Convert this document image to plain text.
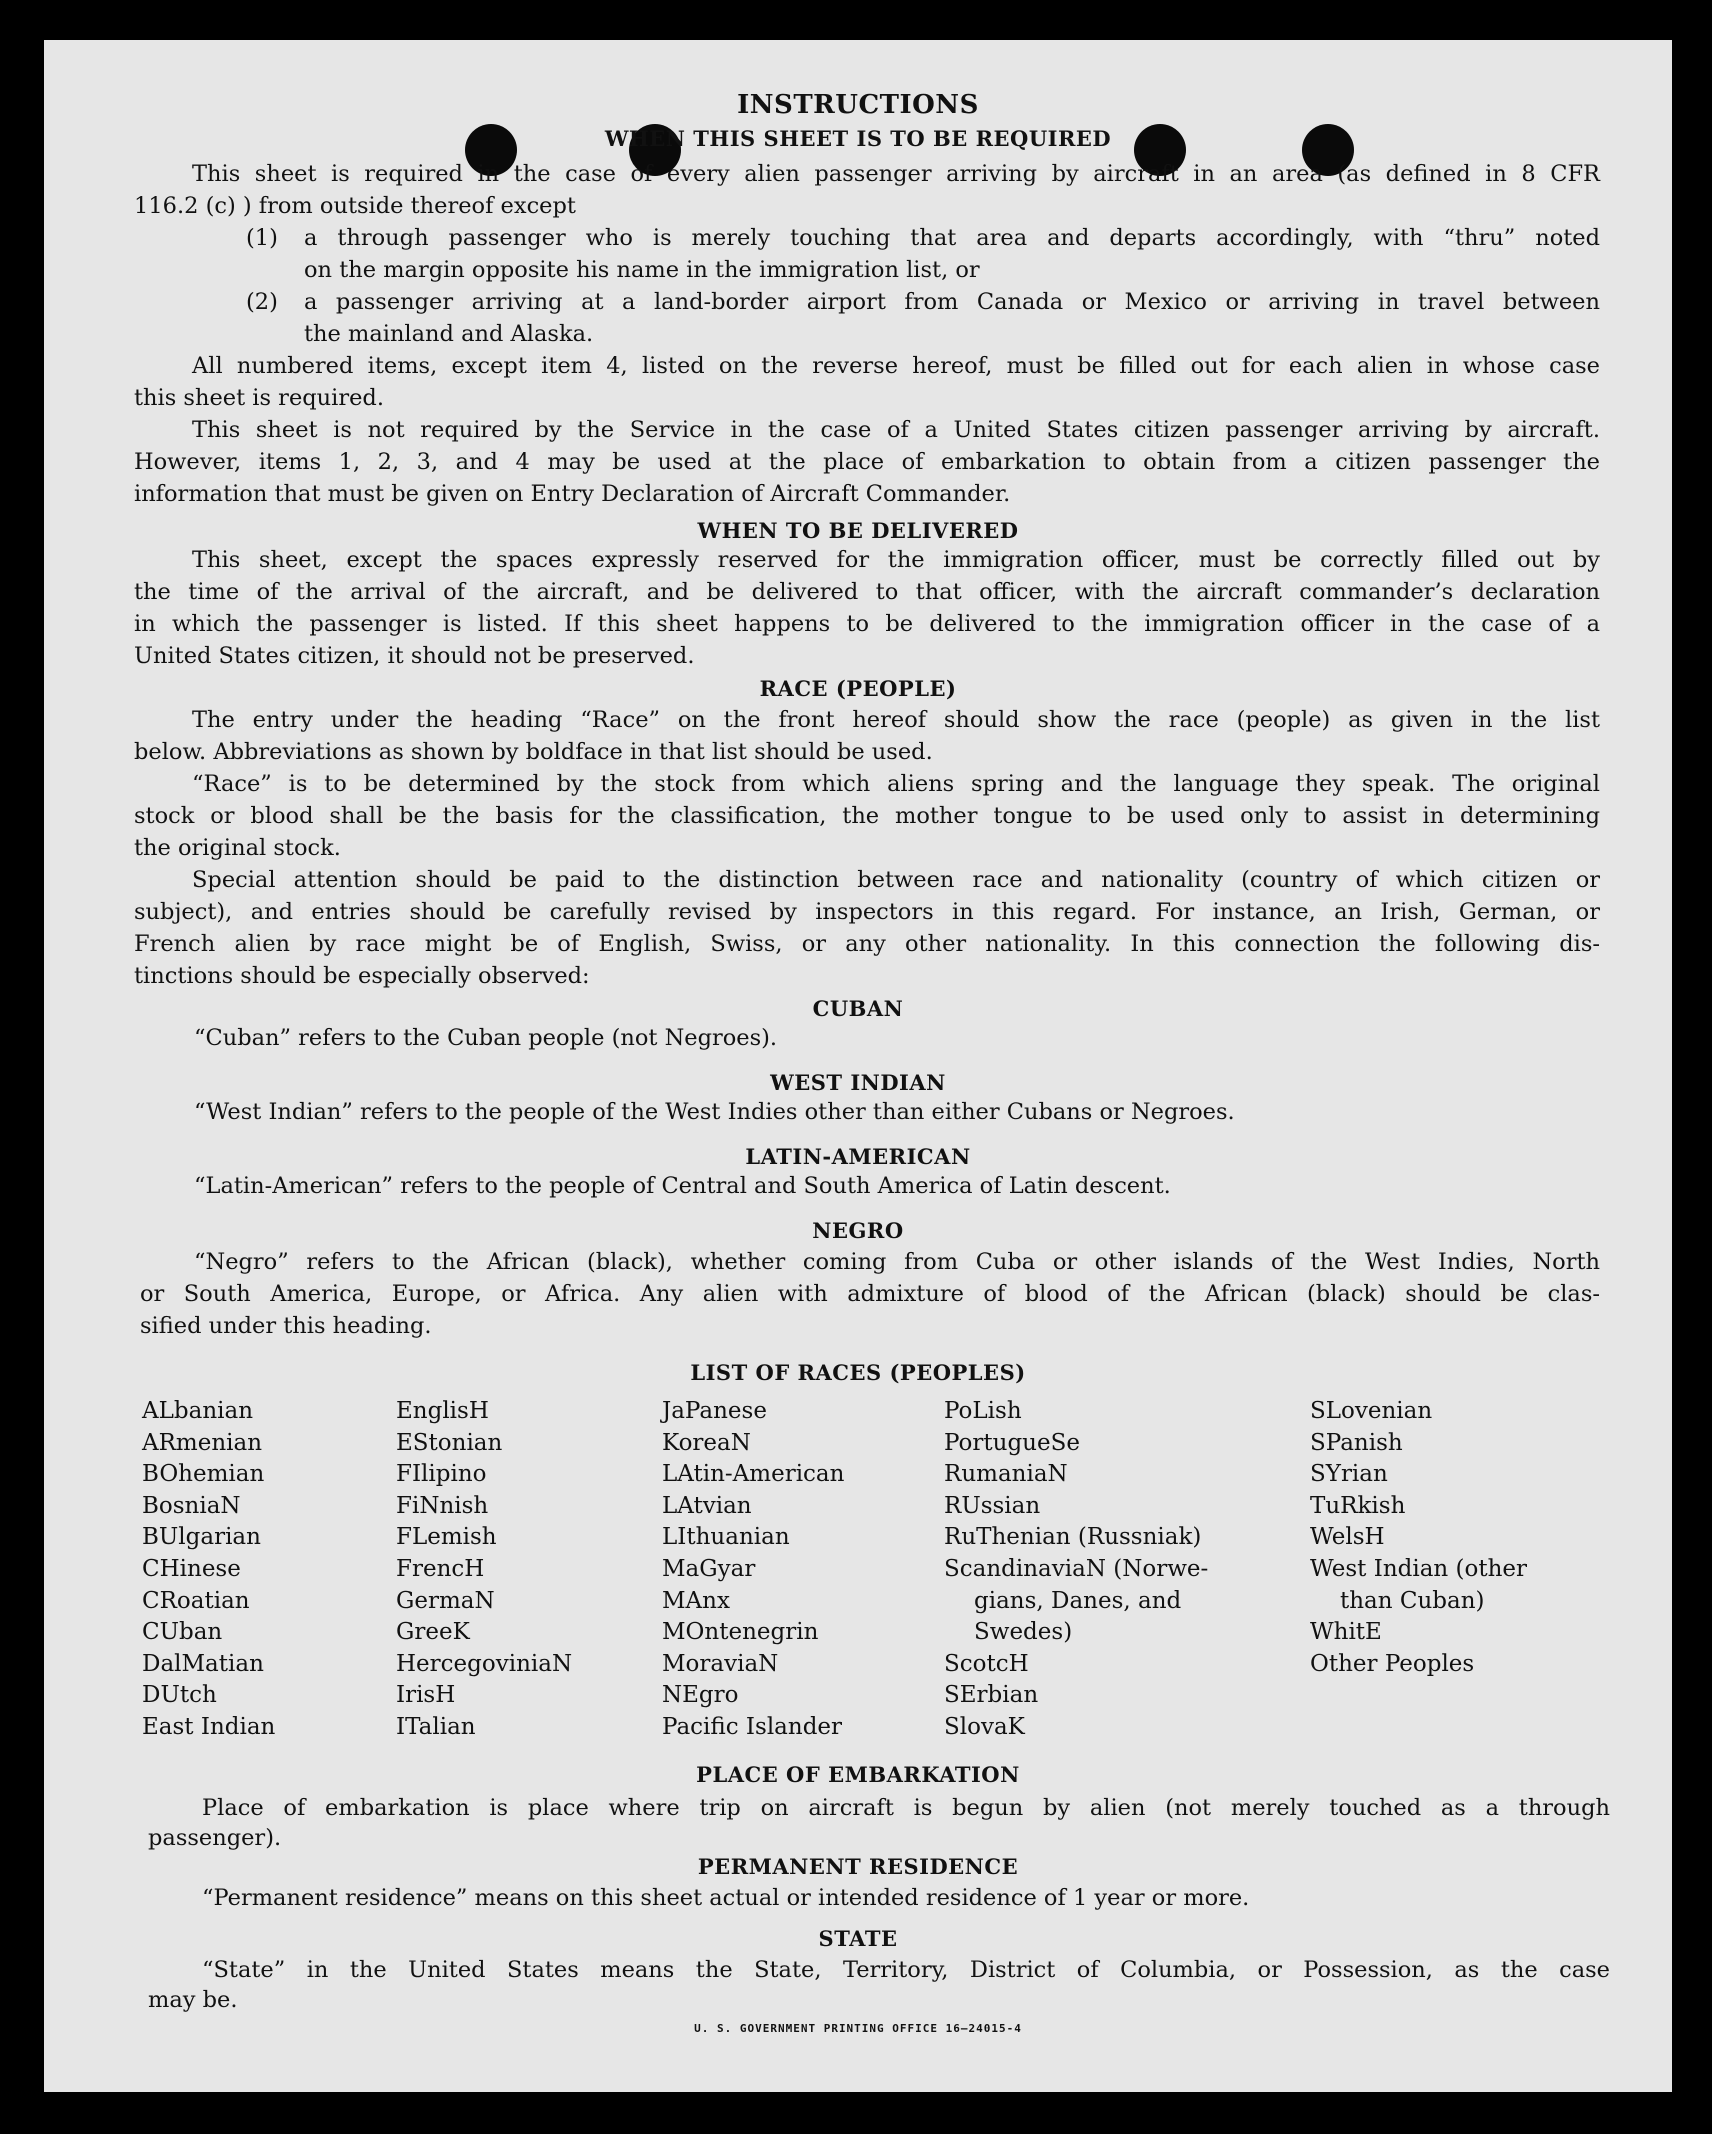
INSTRUCTIONS
WHEN THIS SHEET IS TO BE REQUIRED
This sheet is required in the case of every alien passenger arriving by aircraft in an area (as defined in 8 CFR
116.2 (c) ) from outside thereof except
(1) a through passenger who is merely touching that area and departs accordingly, with “thru” noted
on the margin opposite his name in the immigration list, or
(2) a passenger arriving at a land-border airport from Canada or Mexico or arriving in travel between
the mainland and Alaska.
All numbered items, except item 4, listed on the reverse hereof, must be filled out for each alien in whose case
this sheet is required.
This sheet is not required by the Service in the case of a United States citizen passenger arriving by aircraft.
However, items 1, 2, 3, and 4 may be used at the place of embarkation to obtain from a citizen passenger the
information that must be given on Entry Declaration of Aircraft Commander.
WHEN TO BE DELIVERED
This sheet, except the spaces expressly reserved for the immigration officer, must be correctly filled out by
the time of the arrival of the aircraft, and be delivered to that officer, with the aircraft commander’s declaration
in which the passenger is listed. If this sheet happens to be delivered to the immigration officer in the case of a
United States citizen, it should not be preserved.
RACE (PEOPLE)
The entry under the heading “Race” on the front hereof should show the race (people) as given in the list
below. Abbreviations as shown by boldface in that list should be used.
“Race” is to be determined by the stock from which aliens spring and the language they speak. The original
stock or blood shall be the basis for the classification, the mother tongue to be used only to assist in determining
the original stock.
Special attention should be paid to the distinction between race and nationality (country of which citizen or
subject), and entries should be carefully revised by inspectors in this regard. For instance, an Irish, German, or
French alien by race might be of English, Swiss, or any other nationality. In this connection the following dis-
tinctions should be especially observed:
CUBAN
“Cuban” refers to the Cuban people (not Negroes).
WEST INDIAN
“West Indian” refers to the people of the West Indies other than either Cubans or Negroes.
LATIN-AMERICAN
“Latin-American” refers to the people of Central and South America of Latin descent.
NEGRO
“Negro” refers to the African (black), whether coming from Cuba or other islands of the West Indies, North
or South America, Europe, or Africa. Any alien with admixture of blood of the African (black) should be clas-
sified under this heading.
LIST OF RACES (PEOPLES)
ALbanian
ARmenian
BOhemian
BosniaN
BUlgarian
CHinese
CRoatian
CUban
DalMatian
DUtch
East Indian
EnglisH
EStonian
FIlipino
FiNnish
FLemish
FrencH
GermaN
GreeK
HercegoviniaN
IrisH
ITalian
JaPanese
KoreaN
LAtin-American
LAtvian
LIthuanian
MaGyar
MAnx
MOntenegrin
MoraviaN
NEgro
Pacific Islander
PoLish
PortugueSe
RumaniaN
RUssian
RuThenian (Russniak)
ScandinaviaN (Norwe-
gians, Danes, and
Swedes)
ScotcH
SErbian
SlovaK
SLovenian
SPanish
SYrian
TuRkish
WelsH
West Indian (other
than Cuban)
WhitE
Other Peoples
PLACE OF EMBARKATION
Place of embarkation is place where trip on aircraft is begun by alien (not merely touched as a through
passenger).
PERMANENT RESIDENCE
“Permanent residence” means on this sheet actual or intended residence of 1 year or more.
STATE
“State” in the United States means the State, Territory, District of Columbia, or Possession, as the case
may be.
U. S. GOVERNMENT PRINTING OFFICE 16—24015-4
